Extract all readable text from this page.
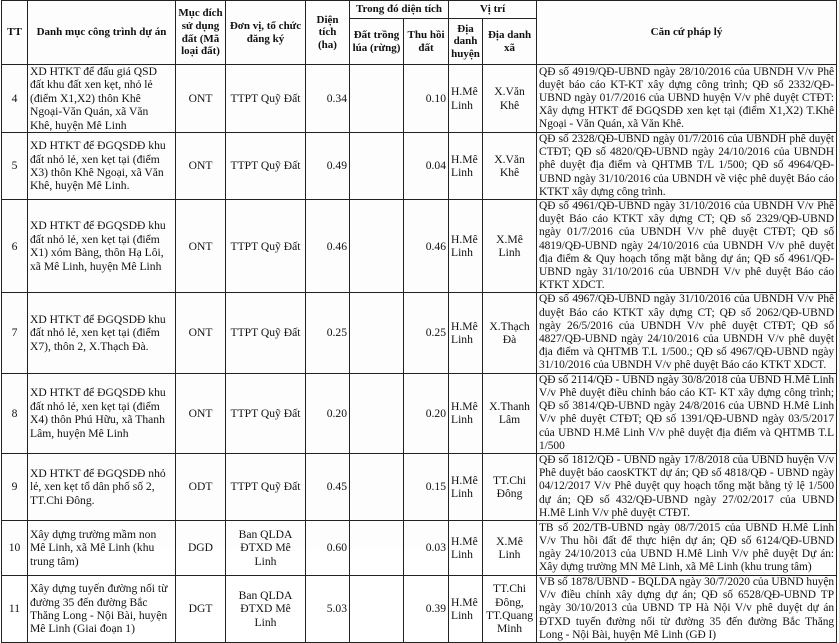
TT	Danh mục công trình dự án	Mục đích sử dụng đất (Mã loại đất)	Đơn vị, tổ chức đăng ký	Diện tích (ha)	Trong đó diện tích		Vị trí		Căn cứ pháp lý
					Đất trồng lúa (rừng)	Thu hồi đất	Địa danh huyện	Địa danh xã	
4	XD HTKT để đấu giá QSD đất khu đất xen kẹt, nhỏ lẻ (điểm X1,X2) thôn Khê Ngoại-Văn Quán, xã Văn Khê, huyện Mê Linh	ONT	TTPT Quỹ Đất	0.34		0.10	H.Mê Linh	X.Văn Khê	QĐ số 4919/QĐ-UBND ngày 28/10/2016 của UBNDH V/v Phê duyệt báo cáo KT-KT xây dựng công trình; QĐ số 2332/QĐ-UBND ngày 01/7/2016 của UBND huyện V/v phê duyệt CTĐT: Xây dựng HTKT để ĐGQSDĐ xen kẹt tại (điểm X1,X2) T.Khê Ngoại - Văn Quán, xã Văn Khê.
5	XD HTKT để ĐGQSDĐ khu đất nhỏ lẻ, xen kẹt tại (điểm X3) thôn Khê Ngoại, xã Văn Khê, huyện Mê Linh.	ONT	TTPT Quỹ Đất	0.49		0.04	H.Mê Linh	X.Văn Khê	QĐ số 2328/QĐ-UBND ngày 01/7/2016 của UBNDH phê duyệt CTĐT; QĐ số 4820/QĐ-UBND ngày 24/10/2016 của UBNDH phê duyệt địa điểm và QHTMB T/L 1/500; QĐ số 4964/QĐ-UBND ngày 31/10/2016 của UBNDH về việc phê duyệt Báo cáo KTKT xây dựng công trình.
6	XD HTKT để ĐGQSDĐ khu đất nhỏ lẻ, xen kẹt tại (điểm X1) xóm Bàng, thôn Hạ Lôi, xã Mê Linh, huyện Mê Linh	ONT	TTPT Quỹ Đất	0.46		0.46	H.Mê Linh	X.Mê Linh	QĐ số 4961/QĐ-UBND ngày 31/10/2016 của UBNDH V/v Phê duyệt Báo cáo KTKT xây dựng CT; QĐ số 2329/QĐ-UBND ngày 01/7/2016 của UBNDH V/v phê duyệt CTĐT; QĐ số 4819/QĐ-UBND ngày 24/10/2016 của UBNDH V/v phê duyệt địa điểm & Quy hoạch tổng mặt bằng dự án; QĐ số 4961/QĐ-UBND ngày 31/10/2016 của UBNDH V/v phê duyệt Báo cáo KTKT XDCT.
7	XD HTKT để ĐGQSDĐ khu đất nhỏ lẻ, xen kẹt tại (điểm X7), thôn 2, X.Thạch Đà.	ONT	TTPT Quỹ Đất	0.25		0.25	H.Mê Linh	X.Thạch Đà	QĐ số 4967/QĐ-UBND ngày 31/10/2016 của UBNDH V/v Phê duyệt Báo cáo KTKT xây dựng CT; QĐ số 2062/QĐ-UBND ngày 26/5/2016 của UBNDH V/v phê duyệt CTĐT; QĐ số 4827/QĐ-UBND ngày 24/10/2016 của UBNDH V/v phê duyệt địa điểm và QHTMB T.L 1/500.; QĐ số 4967/QĐ-UBND ngày 31/10/2016 của UBNDH V/v phê duyệt Báo cáo KTKT XDCT.
8	XD HTKT để ĐGQSDĐ khu đất nhỏ lẻ, xen kẹt tại (điểm X4) thôn Phú Hữu, xã Thanh Lâm, huyện Mê Linh	ONT	TTPT Quỹ Đất	0.20		0.20	H.Mê Linh	X.Thanh Lâm	QĐ số 2114/QĐ - UBND ngày 30/8/2018 của UBND H.Mê Linh V/v Phê duyệt điều chỉnh báo cáo KT- KT xây dựng công trình; QĐ số 3814/QĐ-UBND ngày 24/8/2016 của UBND H.Mê Linh V/v phê duyệt CTĐT; QĐ số 1391/QĐ-UBND ngày 03/5/2017 của UBND H.Mê Linh V/v phê duyệt địa điểm và QHTMB T.L 1/500
9	XD HTKT để ĐGQSDĐ nhỏ lẻ, xen kẹt tổ dân phố số 2, TT.Chi Đông.	ODT	TTPT Quỹ Đất	0.45		0.15	H.Mê Linh	TT.Chi Đông	QĐ số 1812/QĐ - UBND ngày 17/8/2018 của UBND huyện V/v Phê duyệt báo caosKTKT dự án; QĐ số 4818/QĐ - UBND ngày 04/12/2017 V/v Phê duyệt quy hoạch tổng mặt bằng tỷ lệ 1/500 dự án; QĐ số 432/QĐ-UBND ngày 27/02/2017 của UBND H.Mê Linh V/v phê duyệt CTĐT.
10	Xây dựng trường mầm non Mê Linh, xã Mê Linh (khu trung tâm)	DGD	Ban QLDA ĐTXD Mê Linh	0.60		0.03	H.Mê Linh	X.Mê Linh	TB số 202/TB-UBND ngày 08/7/2015 của UBND H.Mê Linh V/v Thu hồi đất để thực hiện dự án; QĐ số 6124/QĐ-UBND ngày 24/10/2013 của UBND H.Mê Linh V/v phê duyệt Dự án: Xây dựng trường MN Mê Linh, xã Mê Linh (khu trung tâm)
11	Xây dựng tuyến đường nối từ đường 35 đến đường Bắc Thăng Long - Nội Bài, huyện Mê Linh (Giai đoạn 1)	DGT	Ban QLDA ĐTXD Mê Linh	5.03		0.39	H.Mê Linh	TT.Chi Đông, TT.Quang Minh	VB số 1878/UBND - BQLDA ngày 30/7/2020 của UBND huyện V/v điều chỉnh xây dựng dự án; QĐ số 6528/QĐ-UBND TP ngày 30/10/2013 của UBND TP Hà Nội V/v phê duyệt dự án ĐTXD tuyến đường nối từ đường 35 đến đường Bắc Thăng Long - Nội Bài, huyện Mê Linh (GĐ I)
